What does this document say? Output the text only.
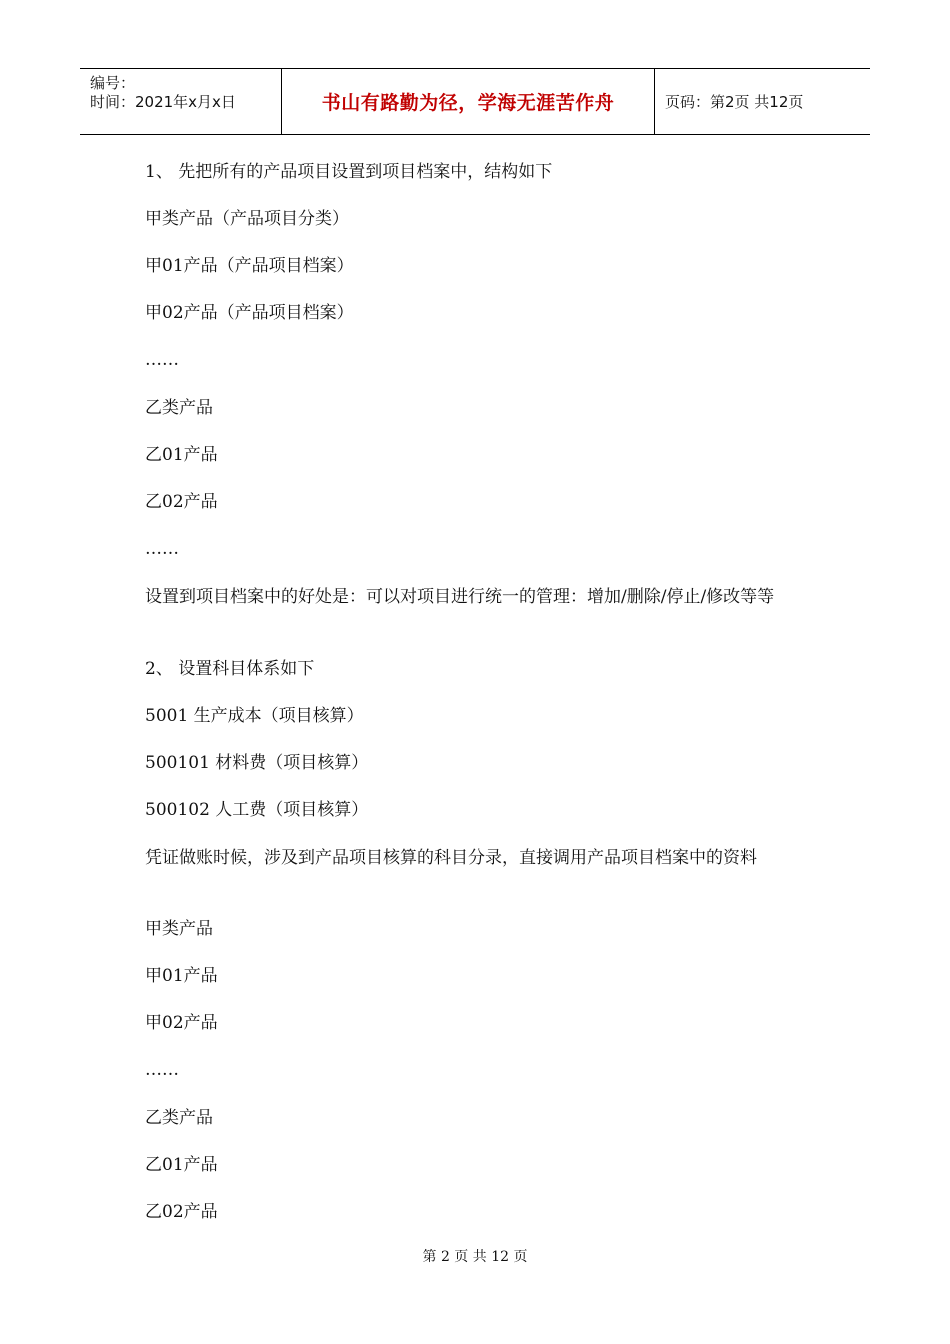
编号：
时间：2021年x月x日	书山有路勤为径，学海无涯苦作舟	页码：第2页 共12页
1、 先把所有的产品项目设置到项目档案中，结构如下
甲类产品（产品项目分类）
甲01产品（产品项目档案）
甲02产品（产品项目档案）
……
乙类产品
乙01产品
乙02产品
……
设置到项目档案中的好处是：可以对项目进行统一的管理：增加/删除/停止/修改等等
2、 设置科目体系如下
5001 生产成本（项目核算）
500101 材料费（项目核算）
500102 人工费（项目核算）
凭证做账时候，涉及到产品项目核算的科目分录，直接调用产品项目档案中的资料
甲类产品
甲01产品
甲02产品
……
乙类产品
乙01产品
乙02产品
第 2 页 共 12 页
